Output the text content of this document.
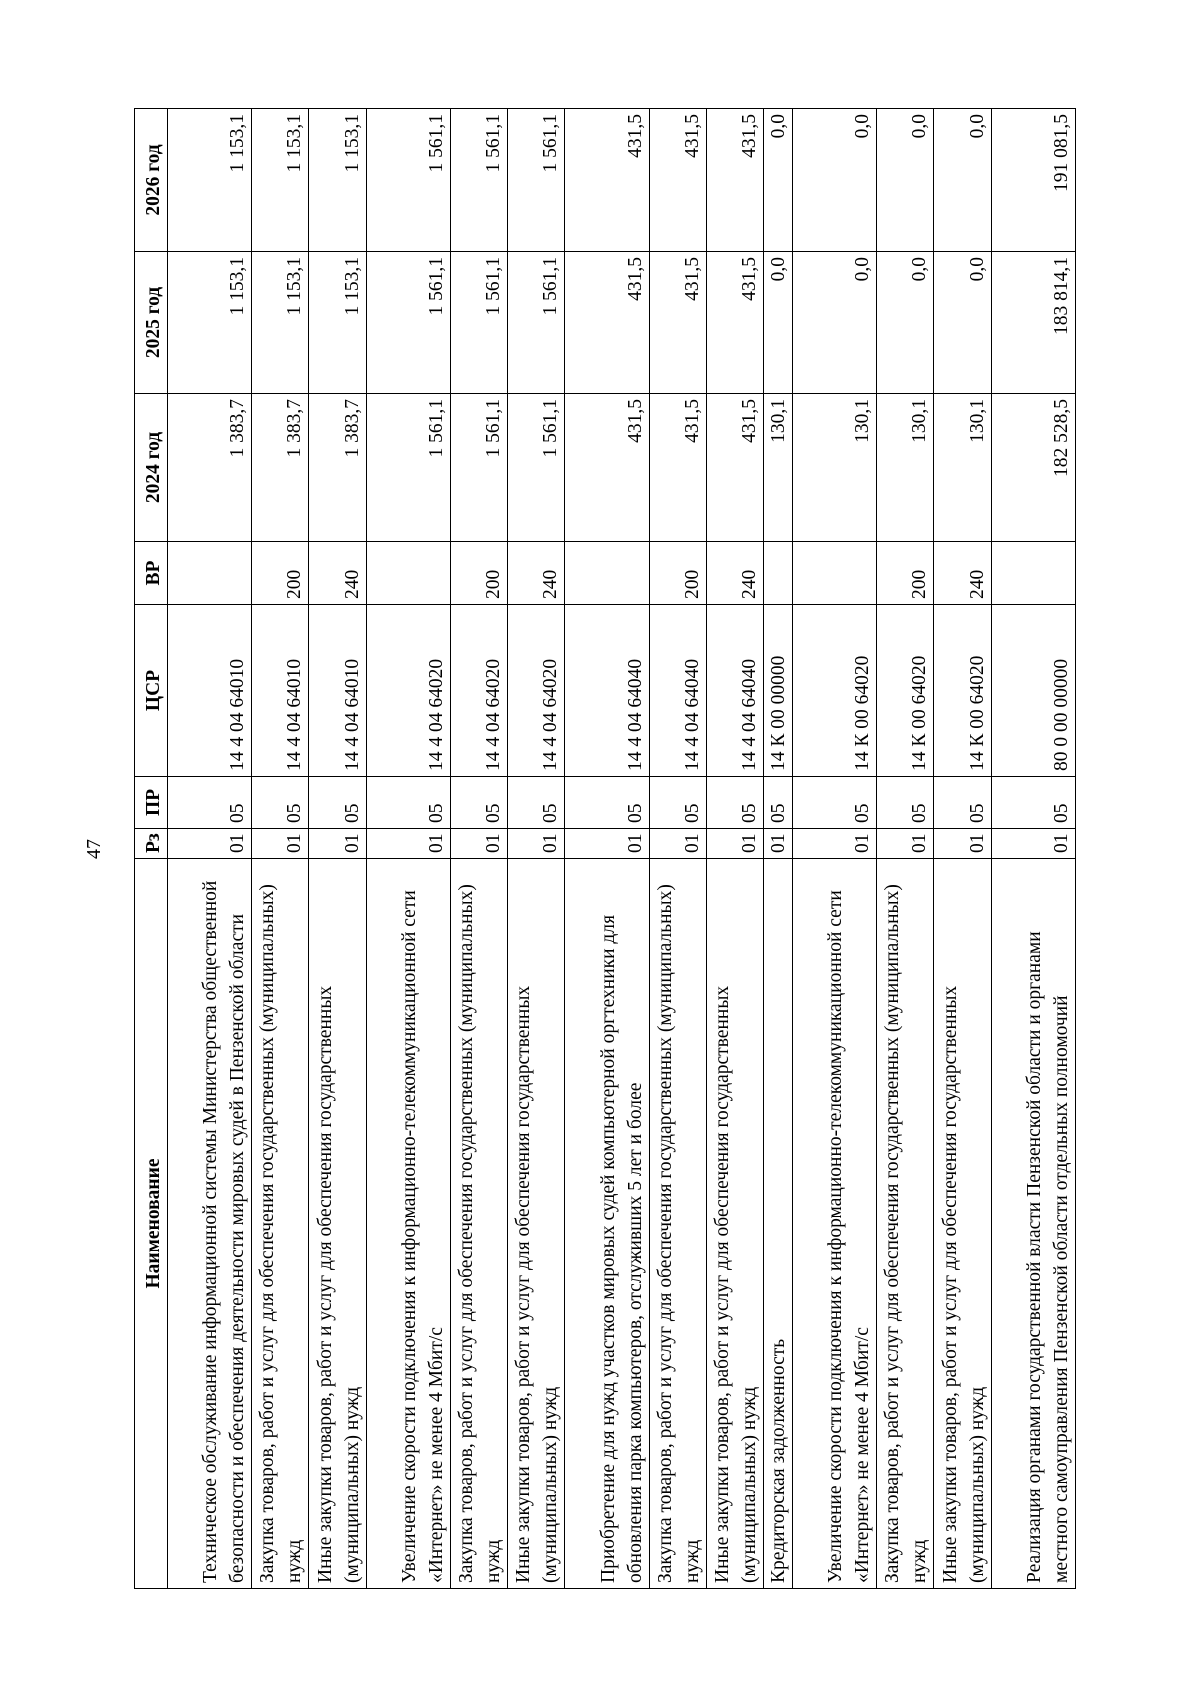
47
Наименование	Рз	ПР	ЦСР	ВР	2024 год	2025 год	2026 год
Техническое обслуживание информационной системы Министерства общественной безопасности и обеспечения деятельности мировых судей в Пензенской области	01	05	14 4 04 64010		1 383,7	1 153,1	1 153,1
Закупка товаров, работ и услуг для обеспечения государственных (муниципальных) нужд	01	05	14 4 04 64010	200	1 383,7	1 153,1	1 153,1
Иные закупки товаров, работ и услуг для обеспечения государственных (муниципальных) нужд	01	05	14 4 04 64010	240	1 383,7	1 153,1	1 153,1
Увеличение скорости подключения к информационно-телекоммуникационной сети «Интернет» не менее 4 Мбит/с	01	05	14 4 04 64020		1 561,1	1 561,1	1 561,1
Закупка товаров, работ и услуг для обеспечения государственных (муниципальных) нужд	01	05	14 4 04 64020	200	1 561,1	1 561,1	1 561,1
Иные закупки товаров, работ и услуг для обеспечения государственных (муниципальных) нужд	01	05	14 4 04 64020	240	1 561,1	1 561,1	1 561,1
Приобретение для нужд участков мировых судей компьютерной оргтехники для обновления парка компьютеров, отслуживших 5 лет и более	01	05	14 4 04 64040		431,5	431,5	431,5
Закупка товаров, работ и услуг для обеспечения государственных (муниципальных) нужд	01	05	14 4 04 64040	200	431,5	431,5	431,5
Иные закупки товаров, работ и услуг для обеспечения государственных (муниципальных) нужд	01	05	14 4 04 64040	240	431,5	431,5	431,5
Кредиторская задолженность	01	05	14 К 00 00000		130,1	0,0	0,0
Увеличение скорости подключения к информационно-телекоммуникационной сети «Интернет» не менее 4 Мбит/с	01	05	14 К 00 64020		130,1	0,0	0,0
Закупка товаров, работ и услуг для обеспечения государственных (муниципальных) нужд	01	05	14 К 00 64020	200	130,1	0,0	0,0
Иные закупки товаров, работ и услуг для обеспечения государственных (муниципальных) нужд	01	05	14 К 00 64020	240	130,1	0,0	0,0
Реализация органами государственной власти Пензенской области и органами местного самоуправления Пензенской области отдельных полномочий	01	05	80 0 00 00000		182 528,5	183 814,1	191 081,5
